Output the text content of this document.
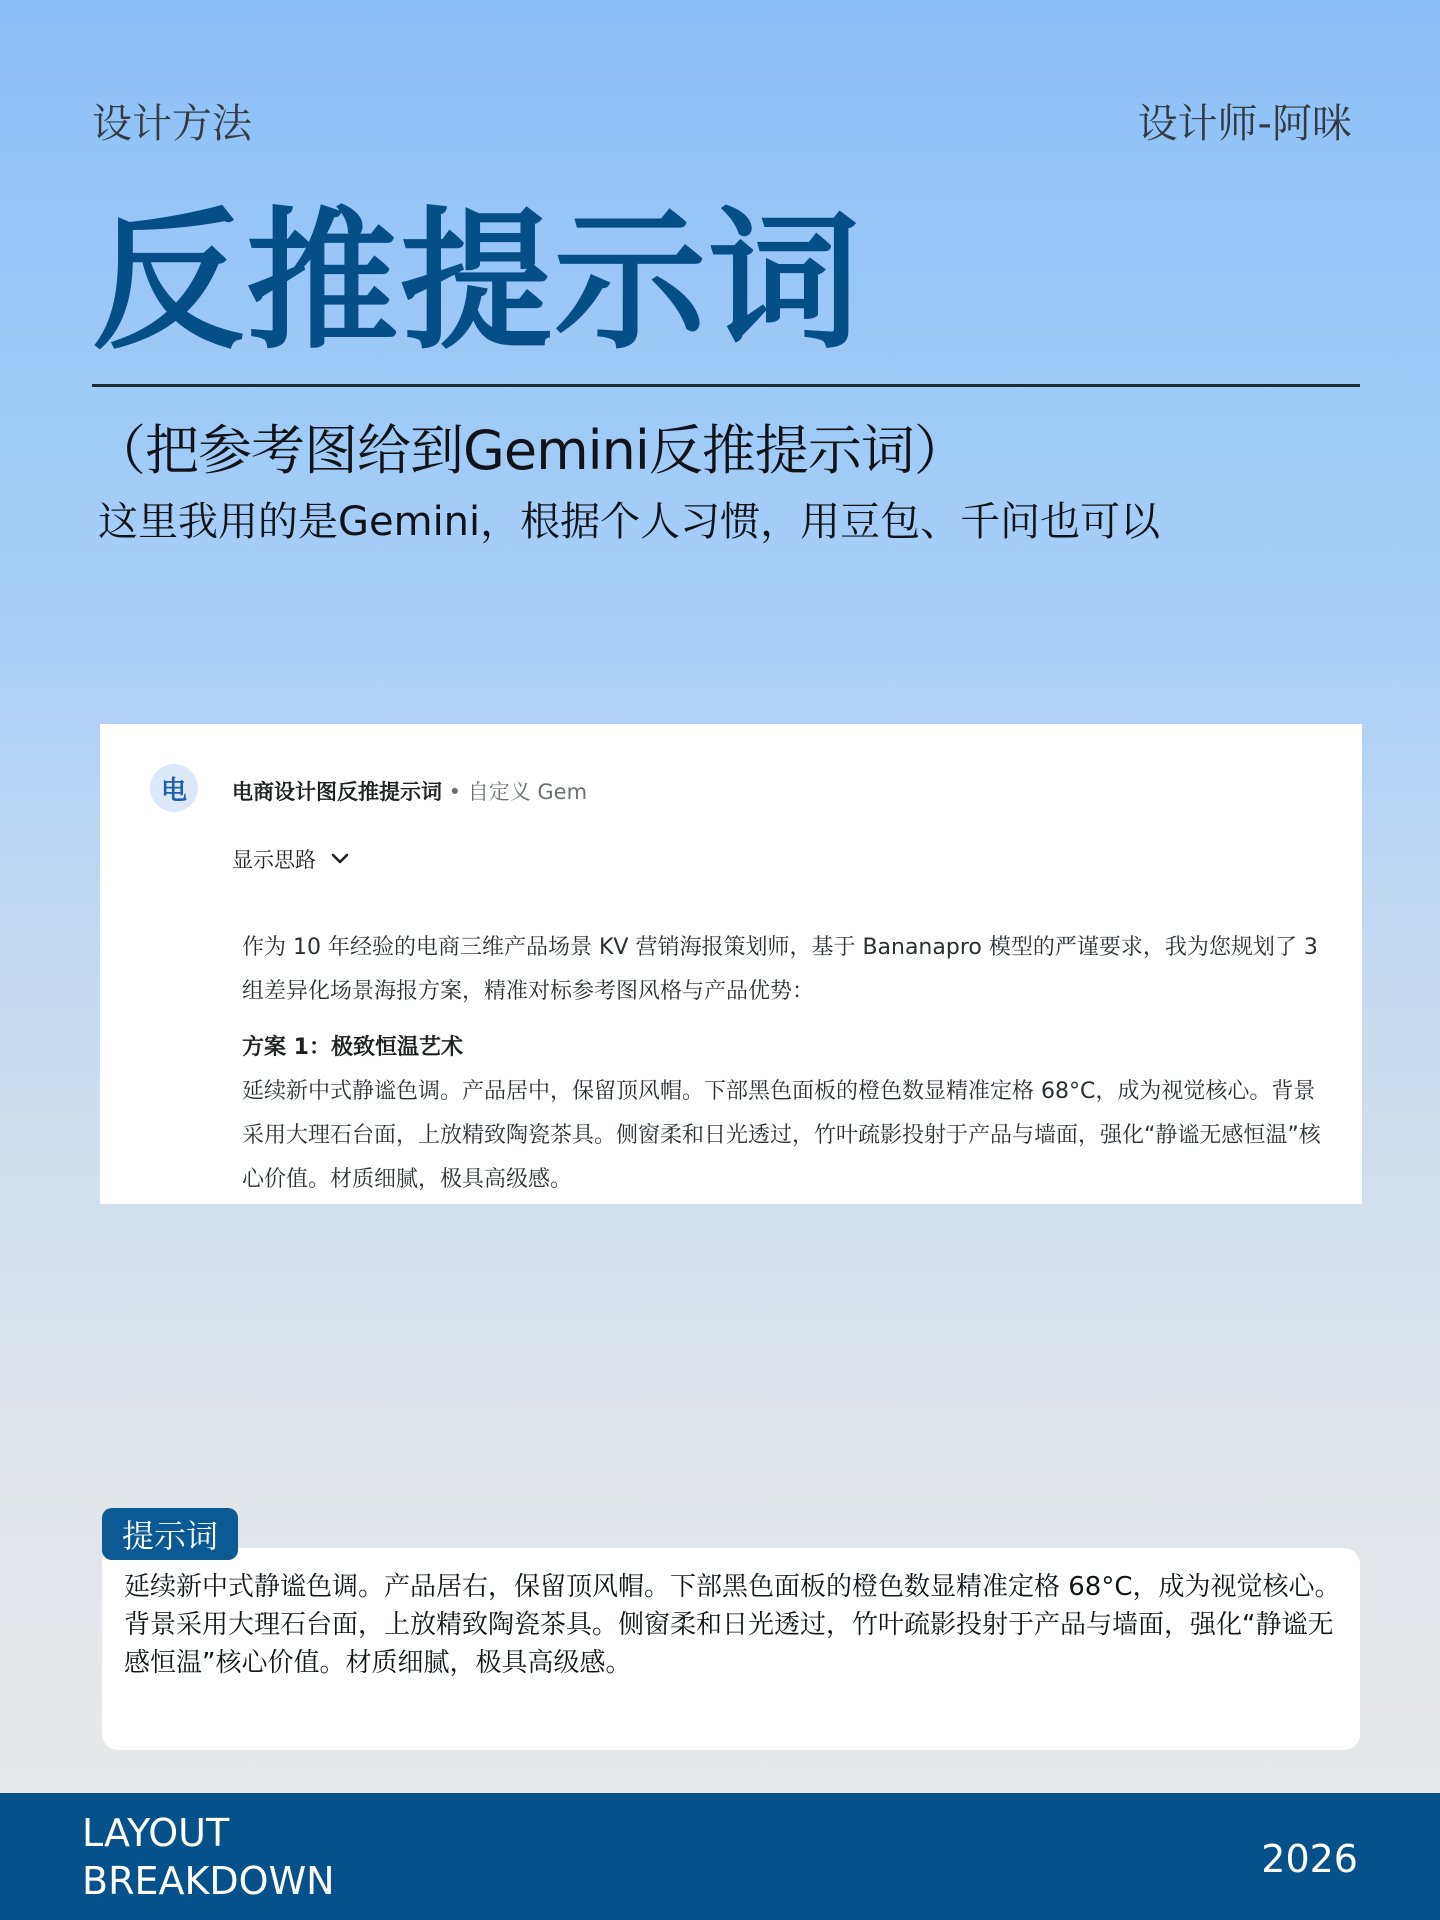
设计方法	设计师-阿咪
反推提示词
（把参考图给到Gemini反推提示词）
这里我用的是Gemini，根据个人习惯，用豆包、千问也可以
电	电商设计图反推提示词 • 自定义 Gem
显示思路
作为 10 年经验的电商三维产品场景 KV 营销海报策划师，基于 Bananapro 模型的严谨要求，我为您规划了 3 组差异化场景海报方案，精准对标参考图风格与产品优势：
方案 1：极致恒温艺术
延续新中式静谧色调。产品居中，保留顶风帽。下部黑色面板的橙色数显精准定格 68°C，成为视觉核心。背景采用大理石台面，上放精致陶瓷茶具。侧窗柔和日光透过，竹叶疏影投射于产品与墙面，强化“静谧无感恒温”核心价值。材质细腻，极具高级感。
延续新中式静谧色调。产品居右，保留顶风帽。下部黑色面板的橙色数显精准定格 68°C，成为视觉核心。背景采用大理石台面，上放精致陶瓷茶具。侧窗柔和日光透过，竹叶疏影投射于产品与墙面，强化“静谧无感恒温”核心价值。材质细腻，极具高级感。
提示词
LAYOUT
BREAKDOWN	2026
